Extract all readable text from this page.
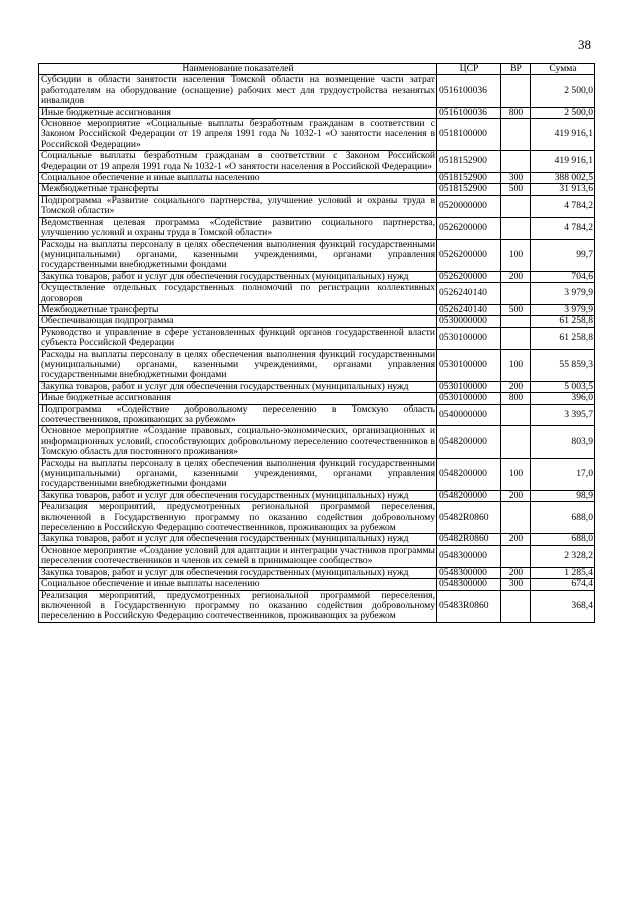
38
Наименование показателей	ЦСР	ВР	Сумма
Субсидии в области занятости населения Томской области на возмещение части затрат работодателям на оборудование (оснащение) рабочих мест для трудоустройства незанятых инвалидов	0516100036		2 500,0
Иные бюджетные ассигнования	0516100036	800	2 500,0
Основное мероприятие «Социальные выплаты безработным гражданам в соответствии с Законом Российской Федерации от 19 апреля 1991 года № 1032-1 «О занятости населения в Российской Федерации»	0518100000		419 916,1
Социальные выплаты безработным гражданам в соответствии с Законом Российской Федерации от 19 апреля 1991 года № 1032-1 «О занятости населения в Российской Федерации»	0518152900		419 916,1
Социальное обеспечение и иные выплаты населению	0518152900	300	388 002,5
Межбюджетные трансферты	0518152900	500	31 913,6
Подпрограмма «Развитие социального партнерства, улучшение условий и охраны труда в Томской области»	0520000000		4 784,2
Ведомственная целевая программа «Содействие развитию социального партнерства, улучшению условий и охраны труда в Томской области»	0526200000		4 784,2
Расходы на выплаты персоналу в целях обеспечения выполнения функций государственными (муниципальными) органами, казенными учреждениями, органами управления государственными внебюджетными фондами	0526200000	100	99,7
Закупка товаров, работ и услуг для обеспечения государственных (муниципальных) нужд	0526200000	200	704,6
Осуществление отдельных государственных полномочий по регистрации коллективных договоров	0526240140		3 979,9
Межбюджетные трансферты	0526240140	500	3 979,9
Обеспечивающая подпрограмма	0530000000		61 258,8
Руководство и управление в сфере установленных функций органов государственной власти субъекта Российской Федерации	0530100000		61 258,8
Расходы на выплаты персоналу в целях обеспечения выполнения функций государственными (муниципальными) органами, казенными учреждениями, органами управления государственными внебюджетными фондами	0530100000	100	55 859,3
Закупка товаров, работ и услуг для обеспечения государственных (муниципальных) нужд	0530100000	200	5 003,5
Иные бюджетные ассигнования	0530100000	800	396,0
Подпрограмма «Содействие добровольному переселению в Томскую область соотечественников, проживающих за рубежом»	0540000000		3 395,7
Основное мероприятие «Создание правовых, социально-экономических, организационных и информационных условий, способствующих добровольному переселению соотечественников в Томскую область для постоянного проживания»	0548200000		803,9
Расходы на выплаты персоналу в целях обеспечения выполнения функций государственными (муниципальными) органами, казенными учреждениями, органами управления государственными внебюджетными фондами	0548200000	100	17,0
Закупка товаров, работ и услуг для обеспечения государственных (муниципальных) нужд	0548200000	200	98,9
Реализация мероприятий, предусмотренных региональной программой переселения, включенной в Государственную программу по оказанию содействия добровольному переселению в Российскую Федерацию соотечественников, проживающих за рубежом	05482R0860		688,0
Закупка товаров, работ и услуг для обеспечения государственных (муниципальных) нужд	05482R0860	200	688,0
Основное мероприятие «Создание условий для адаптации и интеграции участников программы переселения соотечественников и членов их семей в принимающее сообщество»	0548300000		2 328,2
Закупка товаров, работ и услуг для обеспечения государственных (муниципальных) нужд	0548300000	200	1 285,4
Социальное обеспечение и иные выплаты населению	0548300000	300	674,4
Реализация мероприятий, предусмотренных региональной программой переселения, включенной в Государственную программу по оказанию содействия добровольному переселению в Российскую Федерацию соотечественников, проживающих за рубежом	05483R0860		368,4
